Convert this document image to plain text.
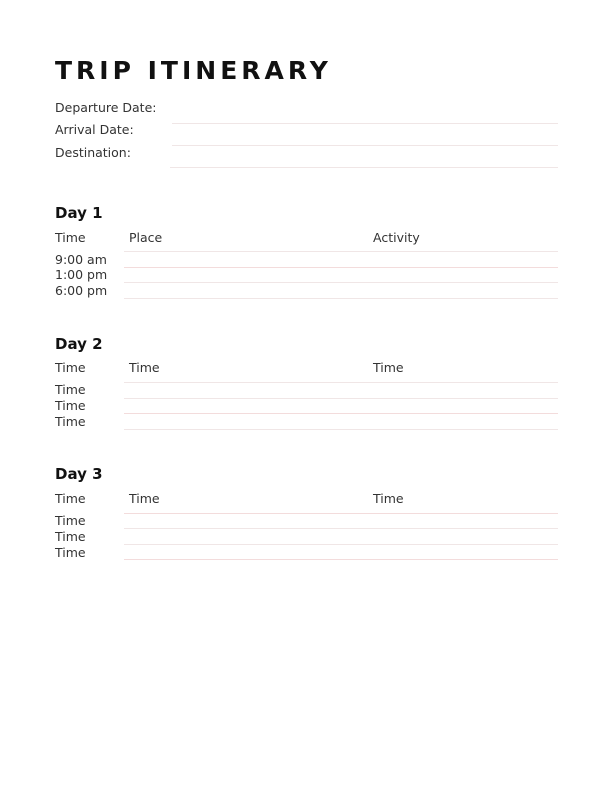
TRIP ITINERARY
Departure Date:
Arrival Date:
Destination:
Day 1
Time	Place	Activity
9:00 am
1:00 pm
6:00 pm
Day 2
Time	Time	Time
Time
Time
Time
Day 3
Time	Time	Time
Time
Time
Time
